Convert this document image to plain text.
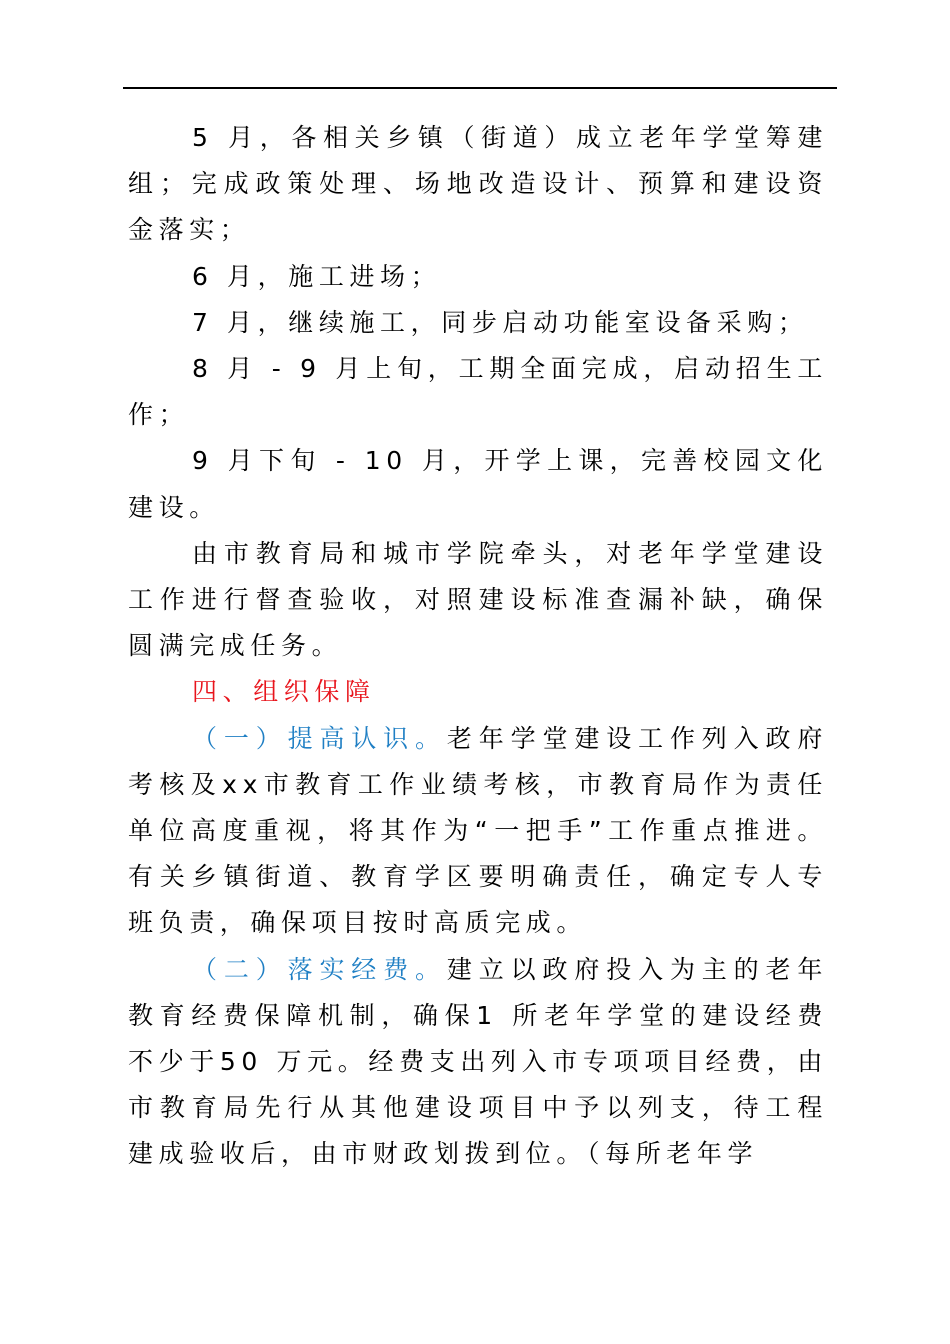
5 月，各相关乡镇（街道）成立老年学堂筹建组；完成政策处理、场地改造设计、预算和建设资金落实；

6 月，施工进场；

7 月，继续施工，同步启动功能室设备采购；

8 月 - 9 月上旬，工期全面完成，启动招生工作；

9 月下旬 - 10 月，开学上课，完善校园文化建设。

由市教育局和城市学院牵头，对老年学堂建设工作进行督查验收，对照建设标准查漏补缺，确保圆满完成任务。

四、组织保障

（一）提高认识。老年学堂建设工作列入政府考核及xx市教育工作业绩考核，市教育局作为责任单位高度重视，将其作为“一把手”工作重点推进。有关乡镇街道、教育学区要明确责任，确定专人专班负责，确保项目按时高质完成。

（二）落实经费。建立以政府投入为主的老年教育经费保障机制，确保1 所老年学堂的建设经费不少于50 万元。经费支出列入市专项项目经费，由市教育局先行从其他建设项目中予以列支，待工程建成验收后，由市财政划拨到位。（每所老年学
